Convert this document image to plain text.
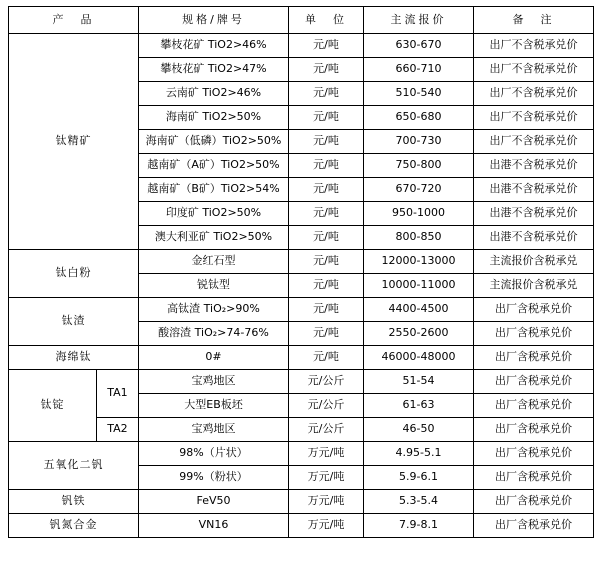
产　品		规格/牌号	单　位	主流报价	备　注
钛精矿		攀枝花矿 TiO2>46%	元/吨	630-670	出厂不含税承兑价
		攀枝花矿 TiO2>47%	元/吨	660-710	出厂不含税承兑价
		云南矿 TiO2>46%	元/吨	510-540	出厂不含税承兑价
		海南矿 TiO2>50%	元/吨	650-680	出厂不含税承兑价
		海南矿（低磷）TiO2>50%	元/吨	700-730	出厂不含税承兑价
		越南矿（A矿）TiO2>50%	元/吨	750-800	出港不含税承兑价
		越南矿（B矿）TiO2>54%	元/吨	670-720	出港不含税承兑价
		印度矿 TiO2>50%	元/吨	950-1000	出港不含税承兑价
		澳大利亚矿 TiO2>50%	元/吨	800-850	出港不含税承兑价
钛白粉		金红石型	元/吨	12000-13000	主流报价含税承兑
		锐钛型	元/吨	10000-11000	主流报价含税承兑
钛渣		高钛渣 TiO₂>90%	元/吨	4400-4500	出厂含税承兑价
		酸溶渣 TiO₂>74-76%	元/吨	2550-2600	出厂含税承兑价
海绵钛		0#	元/吨	46000-48000	出厂含税承兑价
钛锭	TA1	宝鸡地区	元/公斤	51-54	出厂含税承兑价
		大型EB板坯	元/公斤	61-63	出厂含税承兑价
	TA2	宝鸡地区	元/公斤	46-50	出厂含税承兑价
五氧化二钒		98%（片状）	万元/吨	4.95-5.1	出厂含税承兑价
		99%（粉状）	万元/吨	5.9-6.1	出厂含税承兑价
钒铁		FeV50	万元/吨	5.3-5.4	出厂含税承兑价
钒氮合金		VN16	万元/吨	7.9-8.1	出厂含税承兑价
